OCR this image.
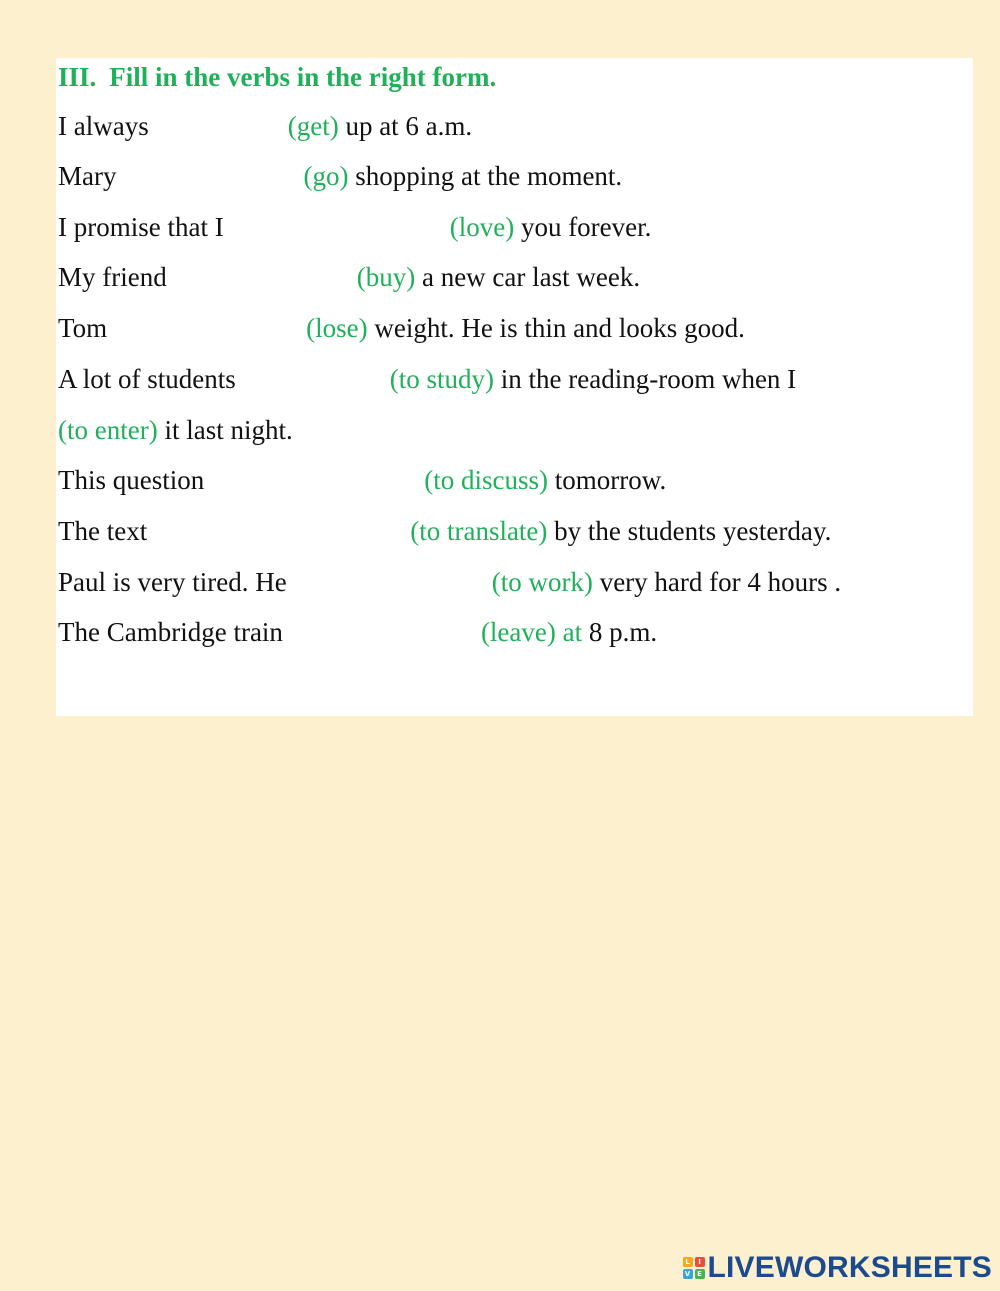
III. Fill in the verbs in the right form.
I always	(get) up at 6 a.m.
Mary	(go) shopping at the moment.
I promise that I	(love) you forever.
My friend	(buy) a new car last week.
Tom	(lose) weight. He is thin and looks good.
A lot of students	(to study) in the reading-room when I
(to enter) it last night.
This question	(to discuss) tomorrow.
The text	(to translate) by the students yesterday.
Paul is very tired. He	(to work) very hard for 4 hours .
The Cambridge train	(leave) at 8 p.m.
L	I
V E LIVEWORKSHEETS
